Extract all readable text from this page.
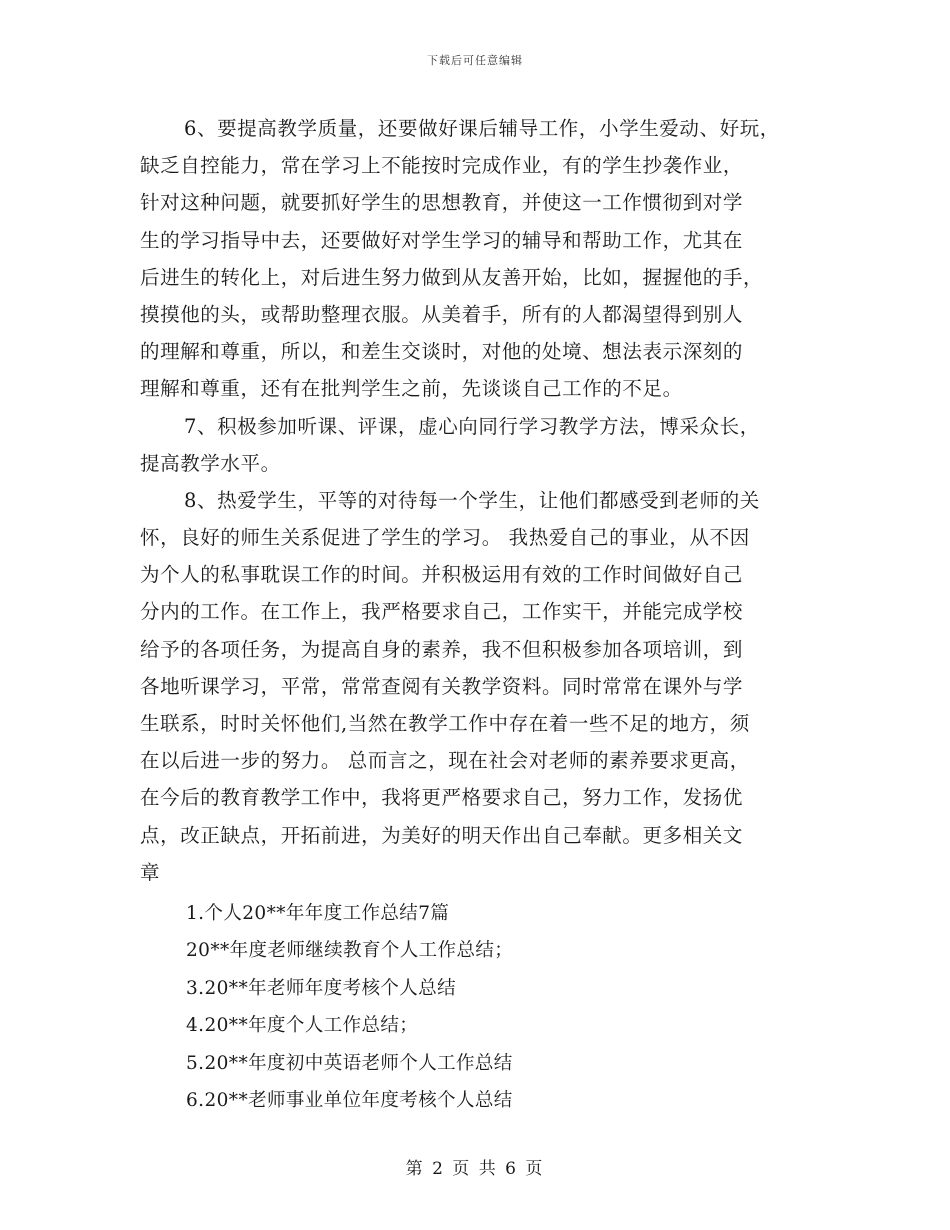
下载后可任意编辑
6、要提高教学质量，还要做好课后辅导工作，小学生爱动、好玩，
缺乏自控能力，常在学习上不能按时完成作业，有的学生抄袭作业，
针对这种问题，就要抓好学生的思想教育，并使这一工作惯彻到对学
生的学习指导中去，还要做好对学生学习的辅导和帮助工作，尤其在
后进生的转化上，对后进生努力做到从友善开始，比如，握握他的手，
摸摸他的头，或帮助整理衣服。从美着手，所有的人都渴望得到别人
的理解和尊重，所以，和差生交谈时，对他的处境、想法表示深刻的
理解和尊重，还有在批判学生之前，先谈谈自己工作的不足。
7、积极参加听课、评课，虚心向同行学习教学方法，博采众长，
提高教学水平。
8、热爱学生，平等的对待每一个学生，让他们都感受到老师的关
怀，良好的师生关系促进了学生的学习。 我热爱自己的事业，从不因
为个人的私事耽误工作的时间。并积极运用有效的工作时间做好自己
分内的工作。在工作上，我严格要求自己，工作实干，并能完成学校
给予的各项任务，为提高自身的素养，我不但积极参加各项培训，到
各地听课学习，平常，常常查阅有关教学资料。同时常常在课外与学
生联系，时时关怀他们,当然在教学工作中存在着一些不足的地方，须
在以后进一步的努力。 总而言之，现在社会对老师的素养要求更高，
在今后的教育教学工作中，我将更严格要求自己，努力工作，发扬优
点，改正缺点，开拓前进，为美好的明天作出自己奉献。更多相关文
章
1.个人20**年年度工作总结7篇
20**年度老师继续教育个人工作总结；
3.20**年老师年度考核个人总结
4.20**年度个人工作总结；
5.20**年度初中英语老师个人工作总结
6.20**老师事业单位年度考核个人总结
第 2 页 共 6 页
